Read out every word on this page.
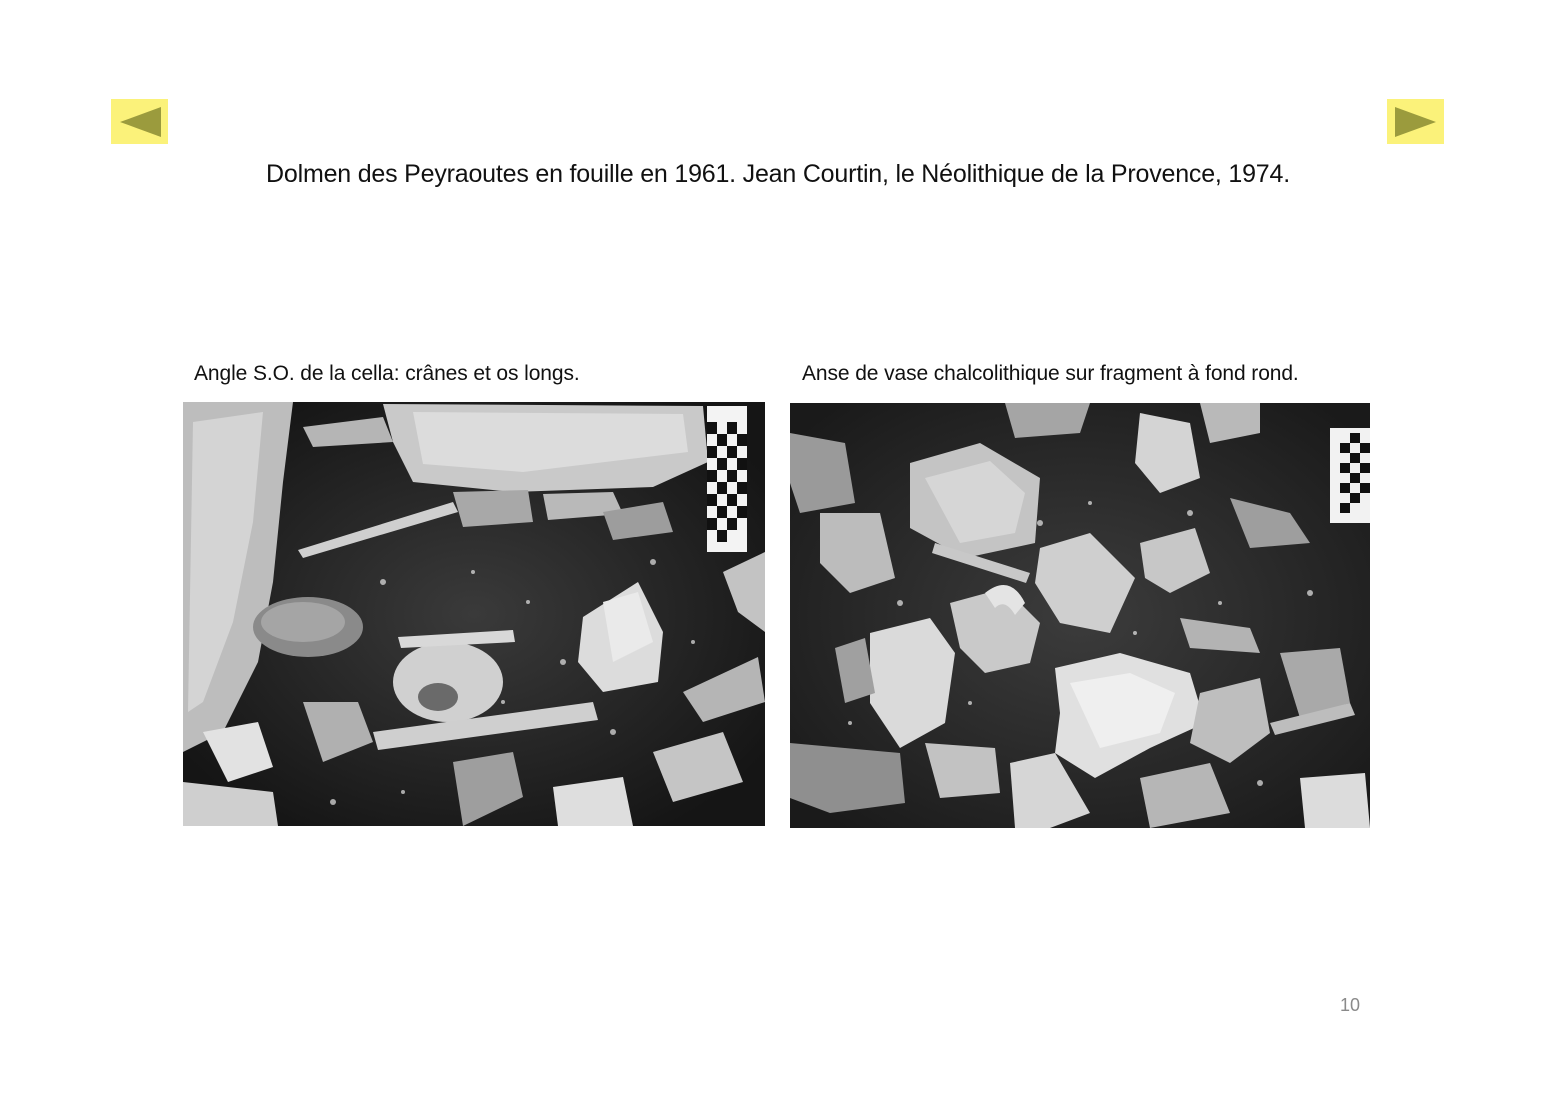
Dolmen des Peyraoutes en fouille en 1961. Jean Courtin, le Néolithique de la Provence, 1974.
Angle S.O. de la cella: crânes et os longs.	Anse de vase chalcolithique sur fragment à fond rond.
10
